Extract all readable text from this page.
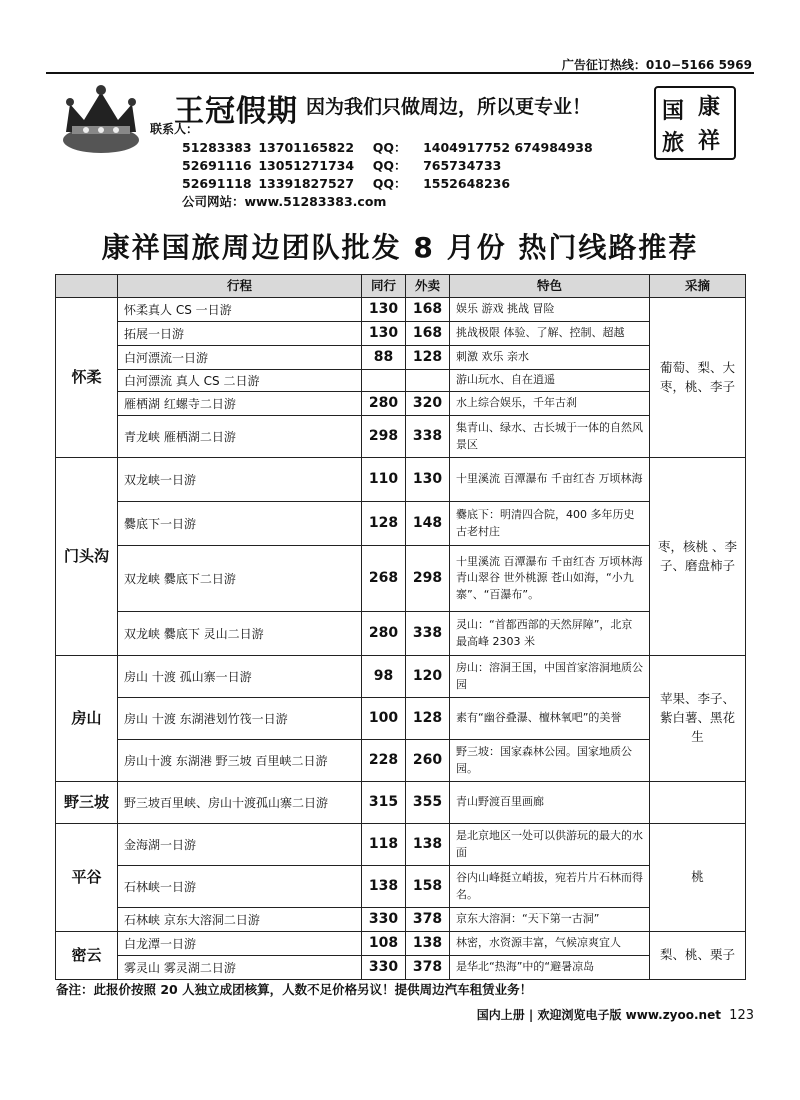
广告征订热线：010−5166 5969
王冠假期 因为我们只做周边，所以更专业！	国 康
旅 祥
联系人：
51283383 13701165822 QQ： 1404917752 674984938
52691116 13051271734 QQ： 765734733
52691118 13391827527 QQ： 1552648236
公司网站：www.51283383.com
康祥国旅周边团队批发 8 月份 热门线路推荐
	行程	同行	外卖	特色	采摘
怀柔	怀柔真人 CS 一日游	130	168	娱乐 游戏 挑战 冒险	葡萄、梨、大枣，桃、李子
	拓展一日游	130	168	挑战极限 体验、了解、控制、超越	
	白河漂流一日游	88	128	刺激 欢乐 亲水	
	白河漂流 真人 CS 二日游			游山玩水、自在逍遥	
	雁栖湖 红螺寺二日游	280	320	水上综合娱乐，千年古刹	
	青龙峡 雁栖湖二日游	298	338	集青山、绿水、古长城于一体的自然风景区	
门头沟	双龙峡一日游	110	130	十里溪流 百潭瀑布 千亩红杏 万顷林海	枣，核桃 、李子、磨盘柿子
	爨底下一日游	128	148	爨底下：明清四合院，400 多年历史古老村庄	
	双龙峡 爨底下二日游	268	298	十里溪流 百潭瀑布 千亩红杏 万顷林海 青山翠谷 世外桃源 苍山如海，“小九寨”、“百瀑布”。	
	双龙峡 爨底下 灵山二日游	280	338	灵山：“首都西部的天然屏障”，北京最高峰 2303 米	
房山	房山 十渡 孤山寨一日游	98	120	房山：溶洞王国，中国首家溶洞地质公园	苹果、李子、紫白薯、黑花生
	房山 十渡 东湖港划竹筏一日游	100	128	素有“幽谷叠瀑、檀林氧吧”的美誉	
	房山十渡 东湖港 野三坡 百里峡二日游	228	260	野三坡：国家森林公园。国家地质公园。	
野三坡	野三坡百里峡、房山十渡孤山寨二日游	315	355	青山野渡百里画廊	
平谷	金海湖一日游	118	138	是北京地区一处可以供游玩的最大的水面	桃
	石林峡一日游	138	158	谷内山峰挺立峭拔，宛若片片石林而得名。	
	石林峡 京东大溶洞二日游	330	378	京东大溶洞：“天下第一古洞”	
密云	白龙潭一日游	108	138	林密，水资源丰富，气候凉爽宜人	梨、桃、栗子
	雾灵山 雾灵湖二日游	330	378	是华北“热海”中的“避暑凉岛	
备注：此报价按照 20 人独立成团核算，人数不足价格另议！提供周边汽车租赁业务！
国内上册 | 欢迎浏览电子版 www.zyoo.net 123
